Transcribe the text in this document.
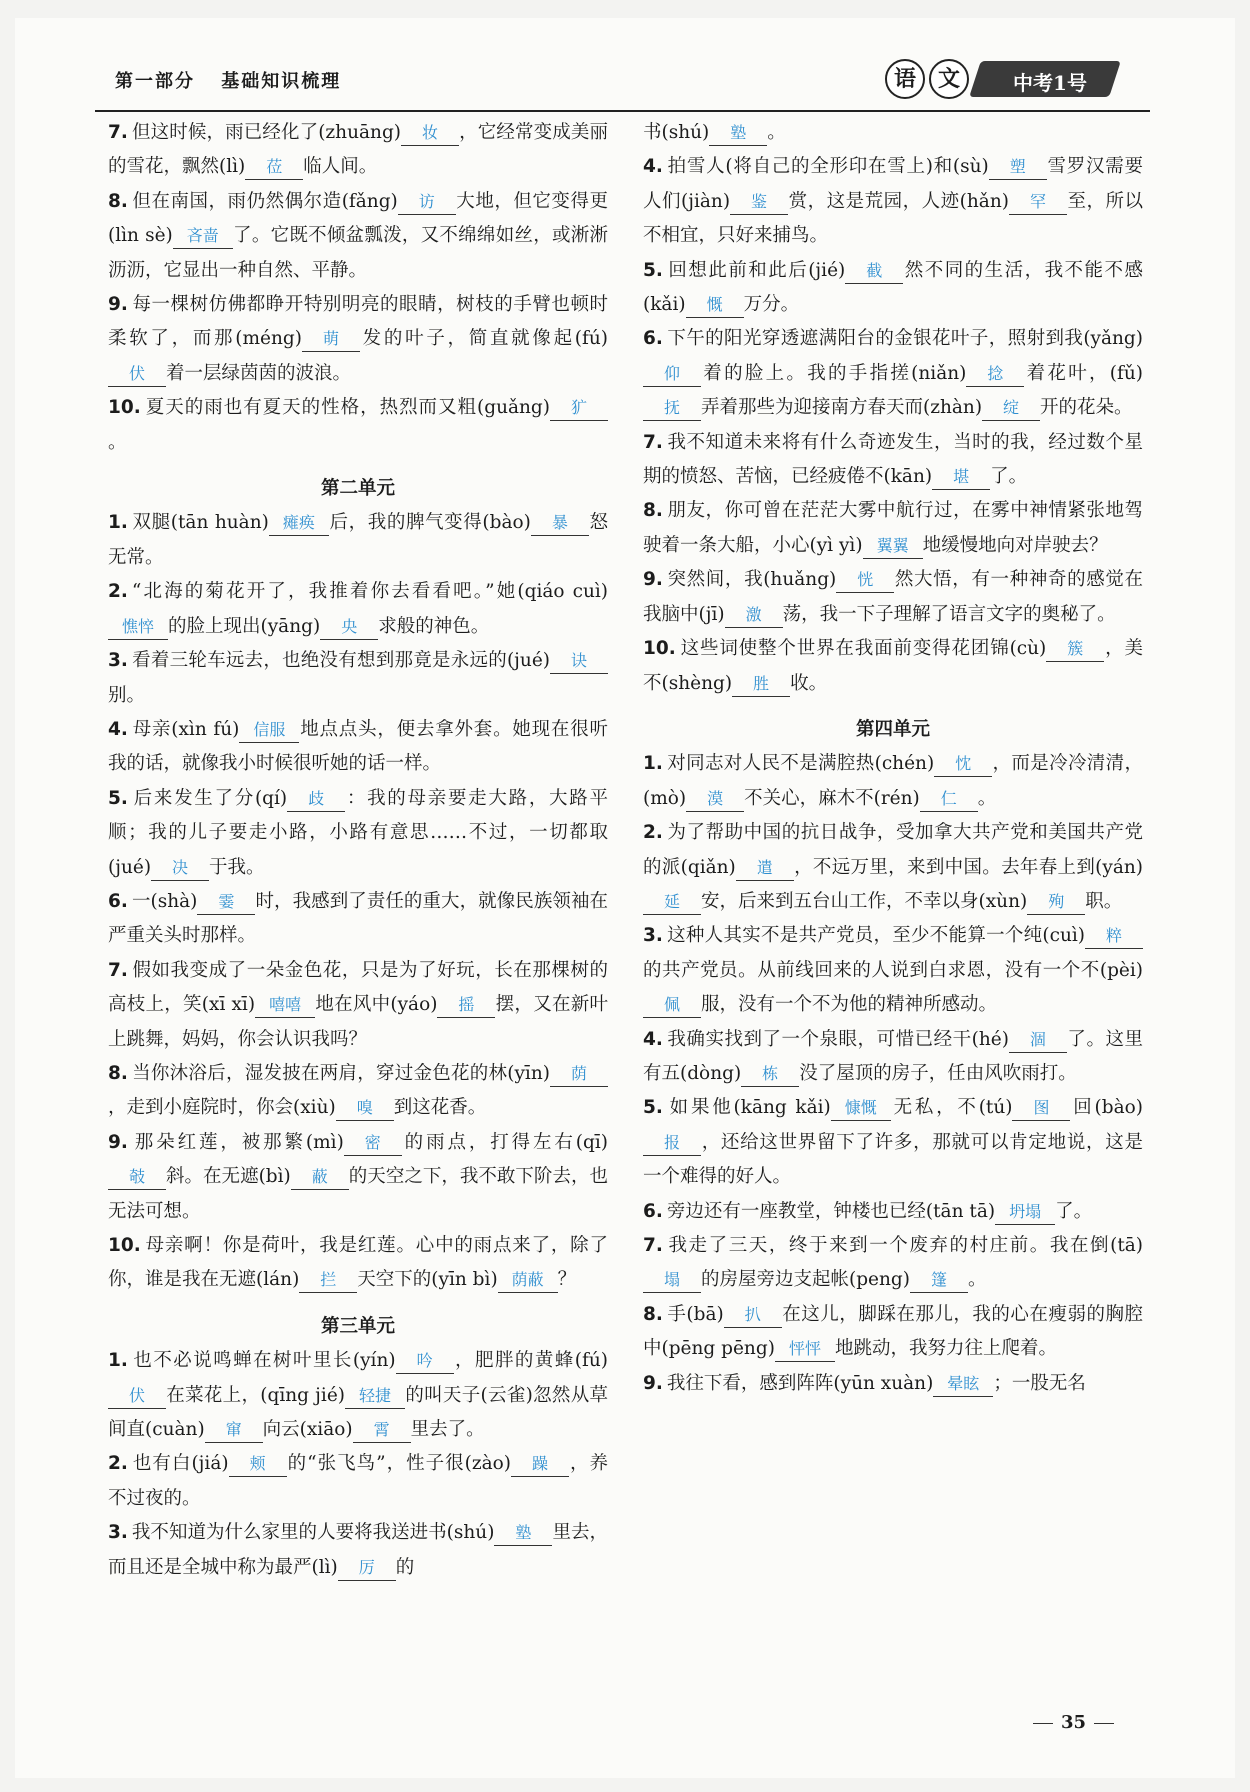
第一部分 基础知识梳理	语 文	中考1号

7. 但这时候，雨已经化了(zhuāng) 妆 ，它经常变成美丽的雪花，飘然(lì) 莅 临人间。

8. 但在南国，雨仍然偶尔造(fǎng) 访 大地，但它变得更(lìn sè) 吝啬 了。它既不倾盆瓢泼，又不绵绵如丝，或淅淅沥沥，它显出一种自然、平静。

9. 每一棵树仿佛都睁开特别明亮的眼睛，树枝的手臂也顿时柔软了，而那(méng) 萌 发的叶子，简直就像起(fú)伏 着一层绿茵茵的波浪。

10. 夏天的雨也有夏天的性格，热烈而又粗(guǎng) 犷。

第二单元

1. 双腿(tān huàn) 瘫痪 后，我的脾气变得(bào) 暴 怒无常。

2. “北海的菊花开了，我推着你去看看吧。”她(qiáo cuì)憔悴 的脸上现出(yāng) 央 求般的神色。

3. 看着三轮车远去，也绝没有想到那竟是永远的(jué) 诀别。

4. 母亲(xìn fú) 信服 地点点头，便去拿外套。她现在很听我的话，就像我小时候很听她的话一样。

5. 后来发生了分(qí) 歧 ：我的母亲要走大路，大路平顺；我的儿子要走小路，小路有意思……不过，一切都取(jué) 决 于我。

6. 一(shà) 霎 时，我感到了责任的重大，就像民族领袖在严重关头时那样。

7. 假如我变成了一朵金色花，只是为了好玩，长在那棵树的高枝上，笑(xī xī) 嘻嘻 地在风中(yáo) 摇 摆，又在新叶上跳舞，妈妈，你会认识我吗？

8. 当你沐浴后，湿发披在两肩，穿过金色花的林(yīn) 荫，走到小庭院时，你会(xiù) 嗅 到这花香。

9. 那朵红莲，被那繁(mì) 密 的雨点，打得左右(qī)攲 斜。在无遮(bì) 蔽 的天空之下，我不敢下阶去，也无法可想。

10. 母亲啊！你是荷叶，我是红莲。心中的雨点来了，除了你，谁是我在无遮(lán) 拦 天空下的(yīn bì) 荫蔽 ？

第三单元

1. 也不必说鸣蝉在树叶里长(yín) 吟 ，肥胖的黄蜂(fú)伏 在菜花上，(qīng jié) 轻捷 的叫天子(云雀)忽然从草间直(cuàn) 窜 向云(xiāo) 霄 里去了。

2. 也有白(jiá) 颊 的“张飞鸟”，性子很(zào) 躁 ，养不过夜的。

3. 我不知道为什么家里的人要将我送进书(shú) 塾 里去，而且还是全城中称为最严(lì) 厉 的

书(shú) 塾 。

4. 拍雪人(将自己的全形印在雪上)和(sù) 塑 雪罗汉需要人们(jiàn) 鉴 赏，这是荒园，人迹(hǎn) 罕 至，所以不相宜，只好来捕鸟。

5. 回想此前和此后(jié) 截 然不同的生活，我不能不感(kǎi) 慨 万分。

6. 下午的阳光穿透遮满阳台的金银花叶子，照射到我(yǎng)仰 着的脸上。我的手指搓(niǎn) 捻 着花叶，(fǔ)抚 弄着那些为迎接南方春天而(zhàn) 绽 开的花朵。

7. 我不知道未来将有什么奇迹发生，当时的我，经过数个星期的愤怒、苦恼，已经疲倦不(kān) 堪 了。

8. 朋友，你可曾在茫茫大雾中航行过，在雾中神情紧张地驾驶着一条大船，小心(yì yì) 翼翼 地缓慢地向对岸驶去？

9. 突然间，我(huǎng) 恍 然大悟，有一种神奇的感觉在我脑中(jī) 激 荡，我一下子理解了语言文字的奥秘了。

10. 这些词使整个世界在我面前变得花团锦(cù) 簇 ，美不(shèng) 胜 收。

第四单元

1. 对同志对人民不是满腔热(chén) 忱 ，而是冷冷清清，(mò) 漠 不关心，麻木不(rén) 仁 。

2. 为了帮助中国的抗日战争，受加拿大共产党和美国共产党的派(qiǎn) 遣 ，不远万里，来到中国。去年春上到(yán)延 安，后来到五台山工作，不幸以身(xùn) 殉 职。

3. 这种人其实不是共产党员，至少不能算一个纯(cuì) 粹的共产党员。从前线回来的人说到白求恩，没有一个不(pèi)佩 服，没有一个不为他的精神所感动。

4. 我确实找到了一个泉眼，可惜已经干(hé) 涸 了。这里有五(dòng) 栋 没了屋顶的房子，任由风吹雨打。

5. 如果他(kāng kǎi) 慷慨 无私，不(tú) 图 回(bào)报 ，还给这世界留下了许多，那就可以肯定地说，这是一个难得的好人。

6. 旁边还有一座教堂，钟楼也已经(tān tā) 坍塌 了。

7. 我走了三天，终于来到一个废弃的村庄前。我在倒(tā)塌 的房屋旁边支起帐(peng) 篷 。

8. 手(bā) 扒 在这儿，脚踩在那儿，我的心在瘦弱的胸腔中(pēng pēng) 怦怦 地跳动，我努力往上爬着。

9. 我往下看，感到阵阵(yūn xuàn) 晕眩 ；一股无名

35
